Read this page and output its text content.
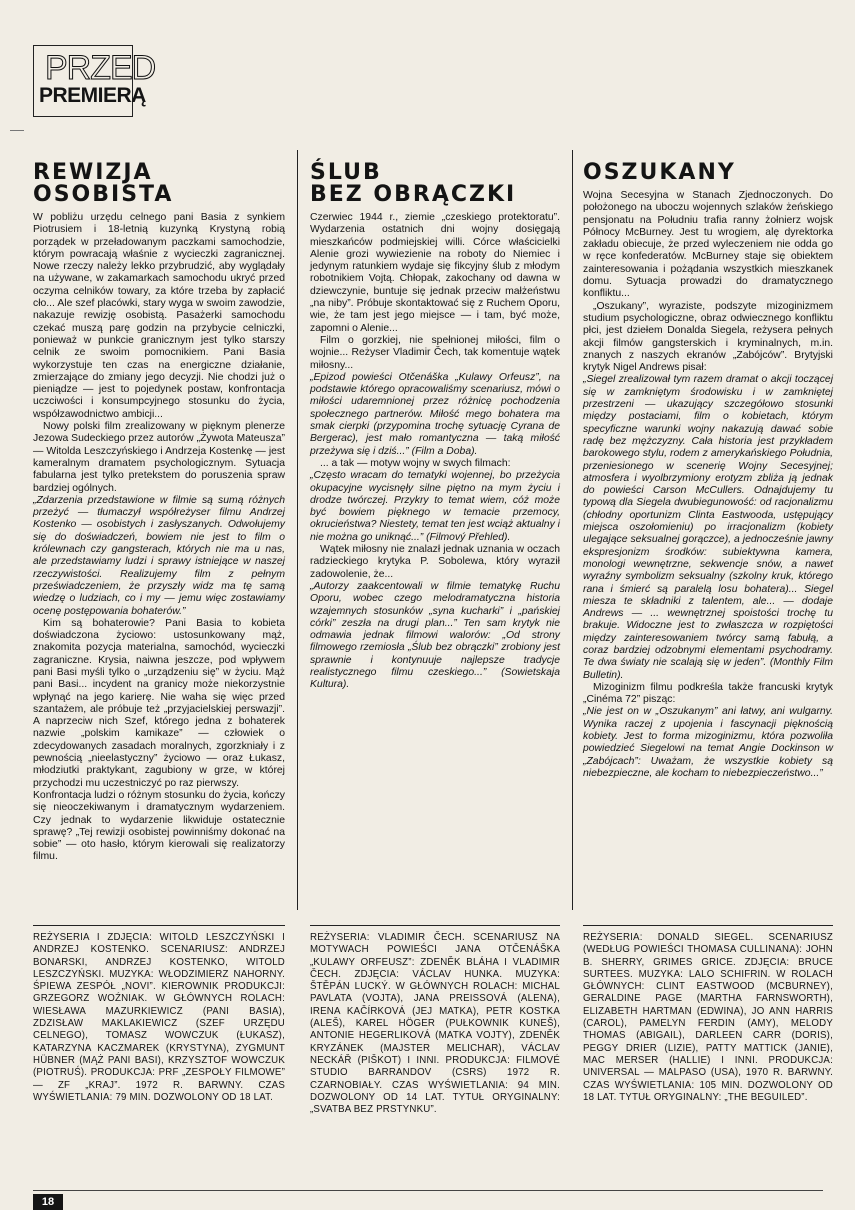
PRZED
PREMIERĄ
REWIZJA
OSOBISTA

W pobliżu urzędu celnego pani Basia z synkiem Piotrusiem i 18-letnią kuzynką Krystyną robią porządek w przeładowanym paczkami samochodzie, którym powracają właśnie z wycieczki zagranicznej. Nowe rzeczy należy lekko przybrudzić, aby wyglądały na używane, w zakamarkach samochodu ukryć przed oczyma celników towary, za które trzeba by zapłacić cło... Ale szef placówki, stary wyga w swoim zawodzie, nakazuje rewizję osobistą. Pasażerki samochodu czekać muszą parę godzin na przybycie celniczki, ponieważ w punkcie granicznym jest tylko starszy celnik ze swoim pomocnikiem. Pani Basia wykorzystuje ten czas na energiczne działanie, zmierzające do zmiany jego decyzji. Nie chodzi już o pieniądze — jest to pojedynek postaw, konfrontacja uczciwości i konsumpcyjnego stosunku do życia, współzawodnictwo ambicji...

Nowy polski film zrealizowany w pięknym plenerze Jezowa Sudeckiego przez autorów „Żywota Mateusza” — Witolda Leszczyńskiego i Andrzeja Kostenkę — jest kameralnym dramatem psychologicznym. Sytuacja fabularna jest tylko pretekstem do poruszenia spraw bardziej ogólnych.

„Zdarzenia przedstawione w filmie są sumą różnych przeżyć — tłumaczył współreżyser filmu Andrzej Kostenko — osobistych i zasłyszanych. Odwołujemy się do doświadczeń, bowiem nie jest to film o królewnach czy gangsterach, których nie ma u nas, ale przedstawiamy ludzi i sprawy istniejące w naszej rzeczywistości. Realizujemy film z pełnym przeświadczeniem, że przyszły widz ma tę samą wiedzę o ludziach, co i my — jemu więc zostawiamy ocenę postępowania bohaterów.”

Kim są bohaterowie? Pani Basia to kobieta doświadczona życiowo: ustosunkowany mąż, znakomita pozycja materialna, samochód, wycieczki zagraniczne. Krysia, naiwna jeszcze, pod wpływem pani Basi myśli tylko o „urządzeniu się” w życiu. Mąż pani Basi... incydent na granicy może niekorzystnie wpłynąć na jego karierę. Nie waha się więc przed szantażem, ale próbuje też „przyjacielskiej perswazji”. A naprzeciw nich Szef, którego jedna z bohaterek nazwie „polskim kamikaze” — człowiek o zdecydowanych zasadach moralnych, zgorzkniały i z pewnością „nieelastyczny” życiowo — oraz Łukasz, młodziutki praktykant, zagubiony w grze, w której przychodzi mu uczestniczyć po raz pierwszy.

Konfrontacja ludzi o różnym stosunku do życia, kończy się nieoczekiwanym i dramatycznym wydarzeniem. Czy jednak to wydarzenie likwiduje ostatecznie sprawę? „Tej rewizji osobistej powinniśmy dokonać na sobie” — oto hasło, którym kierowali się realizatorzy filmu.

ŚLUB
BEZ OBRĄCZKI

Czerwiec 1944 r., ziemie „czeskiego protektoratu”. Wydarzenia ostatnich dni wojny dosięgają mieszkańców podmiejskiej willi. Córce właścicielki Alenie grozi wywiezienie na roboty do Niemiec i jedynym ratunkiem wydaje się fikcyjny ślub z młodym robotnikiem Vojtą. Chłopak, zakochany od dawna w dziewczynie, buntuje się jednak przeciw małżeństwu „na niby”. Próbuje skontaktować się z Ruchem Oporu, wie, że tam jest jego miejsce — i tam, być może, zapomni o Alenie...

Film o gorzkiej, nie spełnionej miłości, film o wojnie... Reżyser Vladimir Čech, tak komentuje wątek miłosny...

„Epizod powieści Otčenáška „Kulawy Orfeusz”, na podstawie którego opracowaliśmy scenariusz, mówi o miłości udaremnionej przez różnicę pochodzenia społecznego partnerów. Miłość mego bohatera ma smak cierpki (przypomina trochę sytuację Cyrana de Bergerac), jest mało romantyczna — taką miłość przeżywa się i dziś...” (Film a Doba).

... a tak — motyw wojny w swych filmach:

„Często wracam do tematyki wojennej, bo przeżycia okupacyjne wycisnęły silne piętno na mym życiu i drodze twórczej. Przykry to temat wiem, cóż może być bowiem pięknego w temacie przemocy, okrucieństwa? Niestety, temat ten jest wciąż aktualny i nie można go uniknąć...” (Filmový Přehled).

Wątek miłosny nie znalazł jednak uznania w oczach radzieckiego krytyka P. Sobolewa, który wyraził zadowolenie, że...

„Autorzy zaakcentowali w filmie tematykę Ruchu Oporu, wobec czego melodramatyczna historia wzajemnych stosunków „syna kucharki” i „pańskiej córki” zeszła na drugi plan...” Ten sam krytyk nie odmawia jednak filmowi walorów: „Od strony filmowego rzemiosła „Ślub bez obrączki” zrobiony jest sprawnie i kontynuuje najlepsze tradycje realistycznego filmu czeskiego...” (Sowietskaja Kultura).

OSZUKANY

Wojna Secesyjna w Stanach Zjednoczonych. Do położonego na uboczu wojennych szlaków żeńskiego pensjonatu na Południu trafia ranny żołnierz wojsk Północy McBurney. Jest tu wrogiem, alę dyrektorka zakładu obiecuje, że przed wyleczeniem nie odda go w ręce konfederatów. McBurney staje się obiektem zainteresowania i pożądania wszystkich mieszkanek domu. Sytuacja prowadzi do dramatycznego konfliktu...

„Oszukany”, wyraziste, podszyte mizoginizmem studium psychologiczne, obraz odwiecznego konfliktu płci, jest dziełem Donalda Siegela, reżysera pełnych akcji filmów gangsterskich i kryminalnych, m.in. znanych z naszych ekranów „Zabójców”. Brytyjski krytyk Nigel Andrews pisał:

„Siegel zrealizował tym razem dramat o akcji toczącej się w zamkniętym środowisku i w zamkniętej przestrzeni — ukazujący szczegółowo stosunki między postaciami, film o kobietach, którym specyficzne warunki wojny nakazują dawać sobie radę bez mężczyzny. Cała historia jest przykładem barokowego stylu, rodem z amerykańskiego Południa, przeniesionego w scenerię Wojny Secesyjnej; atmosfera i wyolbrzymiony erotyzm zbliża ją jednak do powieści Carson McCullers. Odnajdujemy tu typową dla Siegela dwubiegunowość: od racjonalizmu (chłodny oportunizm Clinta Eastwooda, ustępujący miejsca oszołomieniu) po irracjonalizm (kobiety ulegające seksualnej gorączce), a jednocześnie jawny ekspresjonizm środków: subiektywna kamera, monologi wewnętrzne, sekwencje snów, a nawet wyraźny symbolizm seksualny (szkolny kruk, którego rana i śmierć są paralelą losu bohatera)... Siegel miesza te składniki z talentem, ale... — dodaje Andrews — ... wewnętrznej spoistości trochę tu brakuje. Widoczne jest to zwłaszcza w rozpiętości między zainteresowaniem twórcy samą fabułą, a coraz bardziej odzobnymi elementami psychodramy. Te dwa światy nie scalają się w jeden”. (Monthly Film Bulletin).

Mizoginizm filmu podkreśla także francuski krytyk „Cinéma 72” pisząc:

„Nie jest on w „Oszukanym” ani łatwy, ani wulgarny. Wynika raczej z upojenia i fascynacji pięknością kobiety. Jest to forma mizoginizmu, która pozwoliła powiedzieć Siegelowi na temat Angie Dockinson w „Zabójcach”: Uważam, że wszystkie kobiety są niebezpieczne, ale kocham to niebezpieczeństwo...”

REŻYSERIA I ZDJĘCIA: WITOLD LESZCZYŃSKI I ANDRZEJ KOSTENKO. SCENARIUSZ: ANDRZEJ BONARSKI, ANDRZEJ KOSTENKO, WITOLD LESZCZYŃSKI. MUZYKA: WŁODZIMIERZ NAHORNY. ŚPIEWA ZESPÓŁ „NOVI”. KIEROWNIK PRODUKCJI: GRZEGORZ WOŹNIAK. W GŁÓWNYCH ROLACH: WIESŁAWA MAZURKIEWICZ (PANI BASIA), ZDZISŁAW MAKLAKIEWICZ (SZEF URZĘDU CELNEGO), TOMASZ WOWCZUK (ŁUKASZ), KATARZYNA KACZMAREK (KRYSTYNA), ZYGMUNT HÜBNER (MĄŻ PANI BASI), KRZYSZTOF WOWCZUK (PIOTRUŚ). PRODUKCJA: PRF „ZESPOŁY FILMOWE” — ZF „KRAJ”. 1972 R. BARWNY. CZAS WYŚWIETLANIA: 79 MIN. DOZWOLONY OD 18 LAT.
REŻYSERIA: VLADIMIR ČECH. SCENARIUSZ NA MOTYWACH POWIEŚCI JANA OTČENÁŠKA „KULAWY ORFEUSZ”: ZDENĚK BLÁHA I VLADIMIR ČECH. ZDJĘCIA: VÁCLAV HUNKA. MUZYKA: ŠTĚPÁN LUCKÝ. W GŁÓWNYCH ROLACH: MICHAL PAVLATA (VOJTA), JANA PREISSOVÁ (ALENA), IRENA KAČÍRKOVÁ (JEJ MATKA), PETR KOSTKA (ALEŠ), KAREL HÖGER (PUŁKOWNIK KUNEŠ), ANTONIE HEGERLIKOVÁ (MATKA VOJTY), ZDENĚK KRYZÁNEK (MAJSTER MELICHAR), VÁCLAV NECKÁŘ (PIŠKOT) I INNI. PRODUKCJA: FILMOVÉ STUDIO BARRANDOV (CSRS) 1972 R. CZARNOBIAŁY. CZAS WYŚWIETLANIA: 94 MIN. DOZWOLONY OD 14 LAT. TYTUŁ ORYGINALNY: „SVATBA BEZ PRSTYNKU”.
REŻYSERIA: DONALD SIEGEL. SCENARIUSZ (WEDŁUG POWIEŚCI THOMASA CULLINANA): JOHN B. SHERRY, GRIMES GRICE. ZDJĘCIA: BRUCE SURTEES. MUZYKA: LALO SCHIFRIN. W ROLACH GŁÓWNYCH: CLINT EASTWOOD (MCBURNEY), GERALDINE PAGE (MARTHA FARNSWORTH), ELIZABETH HARTMAN (EDWINA), JO ANN HARRIS (CAROL), PAMELYN FERDIN (AMY), MELODY THOMAS (ABIGAIL), DARLEEN CARR (DORIS), PEGGY DRIER (LIZIE), PATTY MATTICK (JANIE), MAC MERSER (HALLIE) I INNI. PRODUKCJA: UNIVERSAL — MALPASO (USA), 1970 R. BARWNY. CZAS WYŚWIETLANIA: 105 MIN. DOZWOLONY OD 18 LAT. TYTUŁ ORYGINALNY: „THE BEGUILED”.
18
